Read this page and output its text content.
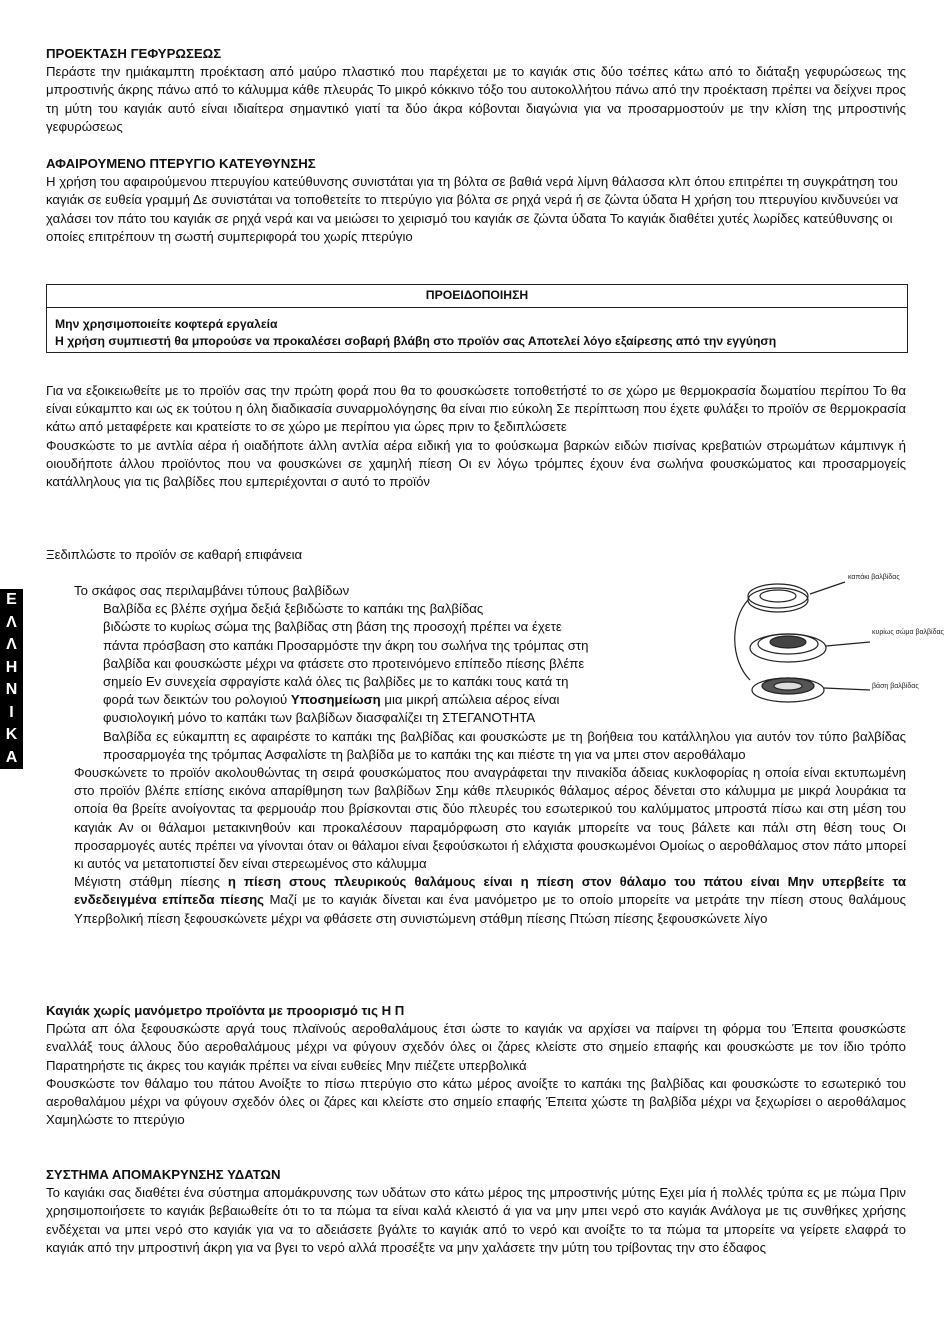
Ε
Λ
Λ
Η
Ν
Ι
Κ
Α

ΠΡΟΕΚΤΑΣΗ ΓΕΦΥΡΩΣΕΩΣ

Περάστε την ημιάκαμπτη προέκταση από μαύρο πλαστικό που παρέχεται με το καγιάκ στις δύο τσέπες κάτω από το διάταξη γεφυρώσεως της μπροστινής άκρης πάνω από το κάλυμμα κάθε πλευράς Το μικρό κόκκινο τόξο του αυτοκολλήτου πάνω από την προέκταση πρέπει να δείχνει προς τη μύτη του καγιάκ αυτό είναι ιδιαίτερα σημαντικό γιατί τα δύο άκρα κόβονται διαγώνια για να προσαρμοστούν με την κλίση της μπροστινής γεφυρώσεως

ΑΦΑΙΡΟΥΜΕΝΟ ΠΤΕΡΥΓΙΟ ΚΑΤΕΥΘΥΝΣΗΣ

Η χρήση του αφαιρούμενου πτερυγίου κατεύθυνσης συνιστάται για τη βόλτα σε βαθιά νερά λίμνη θάλασσα κλπ όπου επιτρέπει τη συγκράτηση του καγιάκ σε ευθεία γραμμή Δε συνιστάται να τοποθετείτε το πτερύγιο για βόλτα σε ρηχά νερά ή σε ζώντα ύδατα Η χρήση του πτερυγίου κινδυνεύει να χαλάσει τον πάτο του καγιάκ σε ρηχά νερά και να μειώσει το χειρισμό του καγιάκ σε ζώντα ύδατα Το καγιάκ διαθέτει χυτές λωρίδες κατεύθυνσης οι οποίες επιτρέπουν τη σωστή συμπεριφορά του χωρίς πτερύγιο

ΠΡΟΕΙΔΟΠΟΙΗΣΗ

Μην χρησιμοποιείτε κοφτερά εργαλεία

Η χρήση συμπιεστή θα μπορούσε να προκαλέσει σοβαρή βλάβη στο προϊόν σας Αποτελεί λόγο εξαίρεσης από την εγγύηση

Για να εξοικειωθείτε με το προϊόν σας την πρώτη φορά που θα το φουσκώσετε τοποθετήστέ το σε χώρο με θερμοκρασία δωματίου περίπου Το θα είναι εύκαμπτο και ως εκ τούτου η όλη διαδικασία συναρμολόγησης θα είναι πιο εύκολη Σε περίπτωση που έχετε φυλάξει το προϊόν σε θερμοκρασία κάτω από μεταφέρετε και κρατείστε το σε χώρο με περίπου για ώρες πριν το ξεδιπλώσετε

Φουσκώστε το με αντλία αέρα ή οιαδήποτε άλλη αντλία αέρα ειδική για το φούσκωμα βαρκών ειδών πισίνας κρεβατιών στρωμάτων κάμπινγκ ή οιουδήποτε άλλου προϊόντος που να φουσκώνει σε χαμηλή πίεση Οι εν λόγω τρόμπες έχουν ένα σωλήνα φουσκώματος και προσαρμογείς κατάλληλους για τις βαλβίδες που εμπεριέχονται σ αυτό το προϊόν

Ξεδιπλώστε το προϊόν σε καθαρή επιφάνεια

καπάκι βαλβίδας
κυρίως σώμα βαλβίδας
βάση βαλβίδας

Το σκάφος σας περιλαμβάνει τύπους βαλβίδων

Βαλβίδα ες βλέπε σχήμα δεξιά ξεβιδώστε το καπάκι της βαλβίδας

βιδώστε το κυρίως σώμα της βαλβίδας στη βάση της προσοχή πρέπει να έχετε

πάντα πρόσβαση στο καπάκι Προσαρμόστε την άκρη του σωλήνα της τρόμπας στη

βαλβίδα και φουσκώστε μέχρι να φτάσετε στο προτεινόμενο επίπεδο πίεσης βλέπε

σημείο Εν συνεχεία σφραγίστε καλά όλες τις βαλβίδες με το καπάκι τους κατά τη

φορά των δεικτών του ρολογιού Υποσημείωση μια μικρή απώλεια αέρος είναι

φυσιολογική μόνο το καπάκι των βαλβίδων διασφαλίζει τη ΣΤΕΓΑΝΟΤΗΤΑ

Βαλβίδα ες εύκαμπτη ες αφαιρέστε το καπάκι της βαλβίδας και φουσκώστε με τη βοήθεια του κατάλληλου για αυτόν τον τύπο βαλβίδας προσαρμογέα της τρόμπας Ασφαλίστε τη βαλβίδα με το καπάκι της και πιέστε τη για να μπει στον αεροθάλαμο

Φουσκώνετε το προϊόν ακολουθώντας τη σειρά φουσκώματος που αναγράφεται την πινακίδα άδειας κυκλοφορίας η οποία είναι εκτυπωμένη στο προϊόν βλέπε επίσης εικόνα απαρίθμηση των βαλβίδων Σημ κάθε πλευρικός θάλαμος αέρος δένεται στο κάλυμμα με μικρά λουράκια τα οποία θα βρείτε ανοίγοντας τα φερμουάρ που βρίσκονται στις δύο πλευρές του εσωτερικού του καλύμματος μπροστά πίσω και στη μέση του καγιάκ Αν οι θάλαμοι μετακινηθούν και προκαλέσουν παραμόρφωση στο καγιάκ μπορείτε να τους βάλετε και πάλι στη θέση τους Οι προσαρμογές αυτές πρέπει να γίνονται όταν οι θάλαμοι είναι ξεφούσκωτοι ή ελάχιστα φουσκωμένοι Ομοίως ο αεροθάλαμος στον πάτο μπορεί κι αυτός να μετατοπιστεί δεν είναι στερεωμένος στο κάλυμμα

Μέγιστη στάθμη πίεσης η πίεση στους πλευρικούς θαλάμους είναι η πίεση στον θάλαμο του πάτου είναι Μην υπερβείτε τα ενδεδειγμένα επίπεδα πίεσης Μαζί με το καγιάκ δίνεται και ένα μανόμετρο με το οποίο μπορείτε να μετράτε την πίεση στους θαλάμους Υπερβολική πίεση ξεφουσκώνετε μέχρι να φθάσετε στη συνιστώμενη στάθμη πίεσης Πτώση πίεσης ξεφουσκώνετε λίγο

Καγιάκ χωρίς μανόμετρο προϊόντα με προορισμό τις Η Π

Πρώτα απ όλα ξεφουσκώστε αργά τους πλαϊνούς αεροθαλάμους έτσι ώστε το καγιάκ να αρχίσει να παίρνει τη φόρμα του Έπειτα φουσκώστε εναλλάξ τους άλλους δύο αεροθαλάμους μέχρι να φύγουν σχεδόν όλες οι ζάρες κλείστε στο σημείο επαφής και φουσκώστε με τον ίδιο τρόπο Παρατηρήστε τις άκρες του καγιάκ πρέπει να είναι ευθείες Μην πιέζετε υπερβολικά

Φουσκώστε τον θάλαμο του πάτου Ανοίξτε το πίσω πτερύγιο στο κάτω μέρος ανοίξτε το καπάκι της βαλβίδας και φουσκώστε το εσωτερικό του αεροθαλάμου μέχρι να φύγουν σχεδόν όλες οι ζάρες και κλείστε στο σημείο επαφής Έπειτα χώστε τη βαλβίδα μέχρι να ξεχωρίσει ο αεροθάλαμος Χαμηλώστε το πτερύγιο

ΣΥΣΤΗΜΑ ΑΠΟΜΑΚΡΥΝΣΗΣ ΥΔΑΤΩΝ

Το καγιάκι σας διαθέτει ένα σύστημα απομάκρυνσης των υδάτων στο κάτω μέρος της μπροστινής μύτης Εχει μία ή πολλές τρύπα ες με πώμα Πριν χρησιμοποιήσετε το καγιάκ βεβαιωθείτε ότι το τα πώμα τα είναι καλά κλειστό ά για να μην μπει νερό στο καγιάκ Ανάλογα με τις συνθήκες χρήσης ενδέχεται να μπει νερό στο καγιάκ για να το αδειάσετε βγάλτε το καγιάκ από το νερό και ανοίξτε το τα πώμα τα μπορείτε να γείρετε ελαφρά το καγιάκ από την μπροστινή άκρη για να βγει το νερό αλλά προσέξτε να μην χαλάσετε την μύτη του τρίβοντας την στο έδαφος
